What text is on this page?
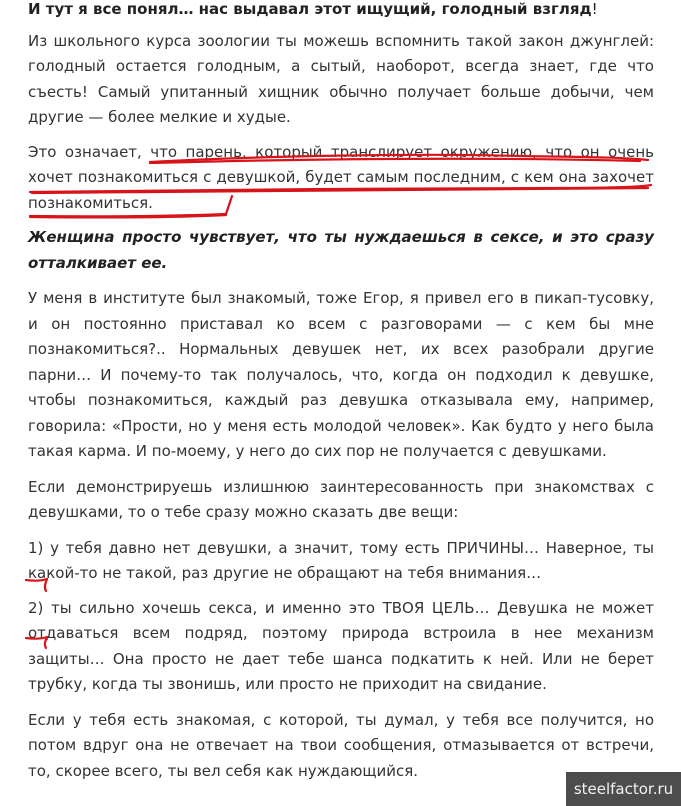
И тут я все понял… нас выдавал этот ищущий, голодный взгляд!

Из школьного курса зоологии ты можешь вспомнить такой закон джунглей: голодный остается голодным, а сытый, наоборот, всегда знает, где что съесть! Самый упитанный хищник обычно получает больше добычи, чем другие — более мелкие и худые.

Это означает, что парень, который транслирует окружению, что он очень хочет познакомиться с девушкой, будет самым последним, с кем она захочет познакомиться.

Женщина просто чувствует, что ты нуждаешься в сексе, и это сразу отталкивает ее.

У меня в институте был знакомый, тоже Егор, я привел его в пикап-тусовку, и он постоянно приставал ко всем с разговорами — с кем бы мне познакомиться?.. Нормальных девушек нет, их всех разобрали другие парни… И почему-то так получалось, что, когда он подходил к девушке, чтобы познакомиться, каждый раз девушка отказывала ему, например, говорила: «Прости, но у меня есть молодой человек». Как будто у него была такая карма. И по-моему, у него до сих пор не получается с девушками.

Если демонстрируешь излишнюю заинтересованность при знакомствах с девушками, то о тебе сразу можно сказать две вещи:

1) у тебя давно нет девушки, а значит, тому есть ПРИЧИНЫ… Наверное, ты какой-то не такой, раз другие не обращают на тебя внимания…

2) ты сильно хочешь секса, и именно это ТВОЯ ЦЕЛЬ… Девушка не может отдаваться всем подряд, поэтому природа встроила в нее механизм защиты… Она просто не дает тебе шанса подкатить к ней. Или не берет трубку, когда ты звонишь, или просто не приходит на свидание.

Если у тебя есть знакомая, с которой, ты думал, у тебя все получится, но потом вдруг она не отвечает на твои сообщения, отмазывается от встречи, то, скорее всего, ты вел себя как нуждающийся.

steelfactor.ru
